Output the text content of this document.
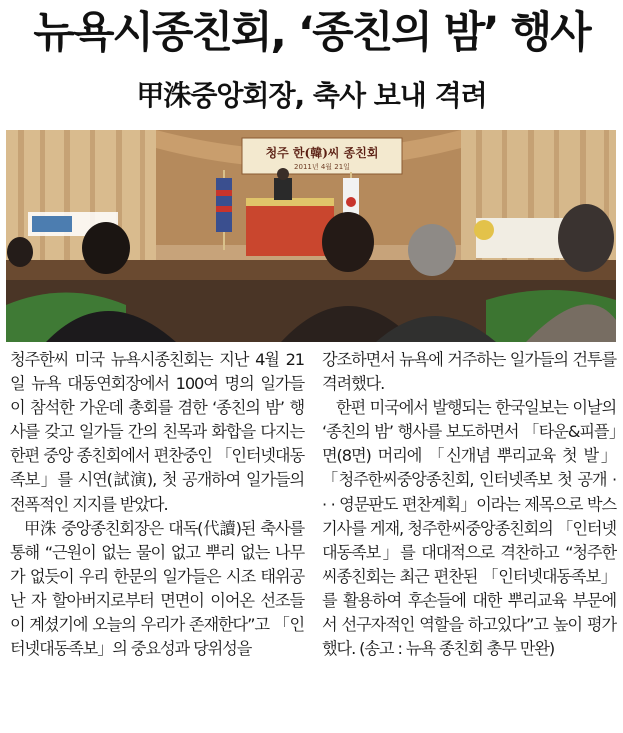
뉴욕시종친회, ‘종친의 밤’ 행사
甲洙중앙회장, 축사 보내 격려
청주 한(韓)씨 종친회
2011년 4월 21일

청주한씨 미국 뉴욕시종친회는 지난 4월 21일 뉴욕 대동연회장에서 100여 명의 일가들이 참석한 가운데 총회를 겸한 ‘종친의 밤’ 행사를 갖고 일가들 간의 친목과 화합을 다지는 한편 중앙 종친회에서 편찬중인 「인터넷대동족보」를 시연(試演), 첫 공개하여 일가들의 전폭적인 지지를 받았다.

甲洙 중앙종친회장은 대독(代讀)된 축사를 통해 “근원이 없는 물이 없고 뿌리 없는 나무가 없듯이 우리 한문의 일가들은 시조 태위공 난 자 할아버지로부터 면면이 이어온 선조들이 계셨기에 오늘의 우리가 존재한다”고 「인터넷대동족보」의 중요성과 당위성을

강조하면서 뉴욕에 거주하는 일가들의 건투를 격려했다.

한편 미국에서 발행되는 한국일보는 이날의 ‘종친의 밤’ 행사를 보도하면서 「타운&피플」면(8면) 머리에 「신개념 뿌리교육 첫 발」「청주한씨중앙종친회, 인터넷족보 첫 공개 · · · 영문판도 편찬계획」이라는 제목으로 박스기사를 게재, 청주한씨중앙종친회의 「인터넷대동족보」를 대대적으로 격찬하고 “청주한씨종친회는 최근 편찬된 「인터넷대동족보」를 활용하여 후손들에 대한 뿌리교육 부문에서 선구자적인 역할을 하고있다”고 높이 평가했다. (송고 : 뉴욕 종친회 총무 만완)
